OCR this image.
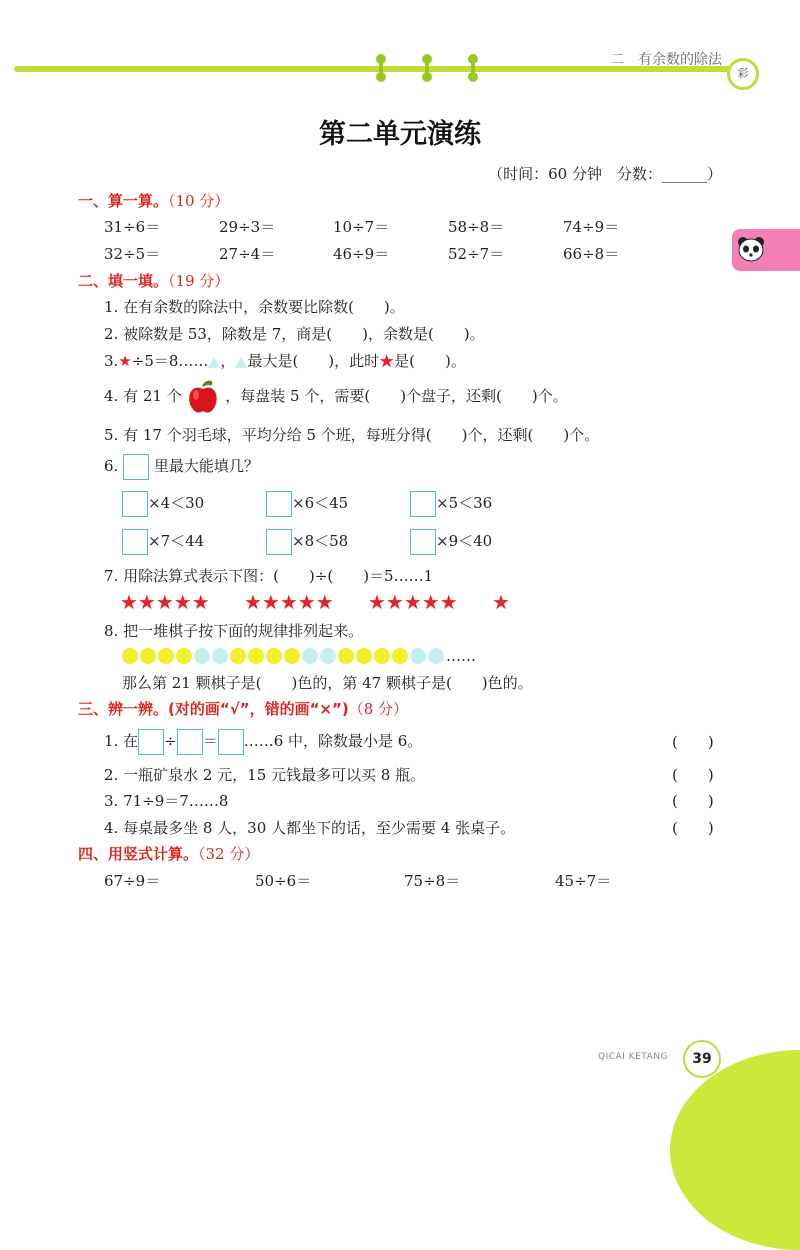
二　有余数的除法
彩
第二单元演练
（时间：60 分钟　分数：______）
一、算一算。（10 分）
31÷6＝	29÷3＝	10÷7＝	58÷8＝	74÷9＝
32÷5＝	27÷4＝	46÷9＝	52÷7＝	66÷8＝
二、填一填。（19 分）
1. 在有余数的除法中，余数要比除数(　　)。
2. 被除数是 53，除数是 7，商是(　　)，余数是(　　)。
3.★÷5＝8…… ， 最大是(　　)，此时★是(　　)。
4. 有 21 个	，每盘装 5 个，需要(　　)个盘子，还剩(　　)个。
5. 有 17 个羽毛球，平均分给 5 个班，每班分得(　　)个，还剩(　　)个。
6. 里最大能填几？
×4＜30	×6＜45	×5＜36
×7＜44	×8＜58	×9＜40
7. 用除法算式表示下图：(　　)÷(　　)＝5……1
★★★★★ ★★★★★ ★★★★★ ★
8. 把一堆棋子按下面的规律排列起来。
……
那么第 21 颗棋子是(　　)色的，第 47 颗棋子是(　　)色的。
三、辨一辨。(对的画“√”，错的画“×”)（8 分）
1. 在 ÷ ＝ ……6 中，除数最小是 6。	(　　)
2. 一瓶矿泉水 2 元，15 元钱最多可以买 8 瓶。	(　　)
3. 71÷9＝7……8	(　　)
4. 每桌最多坐 8 人，30 人都坐下的话，至少需要 4 张桌子。	(　　)
四、用竖式计算。（32 分）
67÷9＝	50÷6＝	75÷8＝	45÷7＝
QICAI KETANG	39
